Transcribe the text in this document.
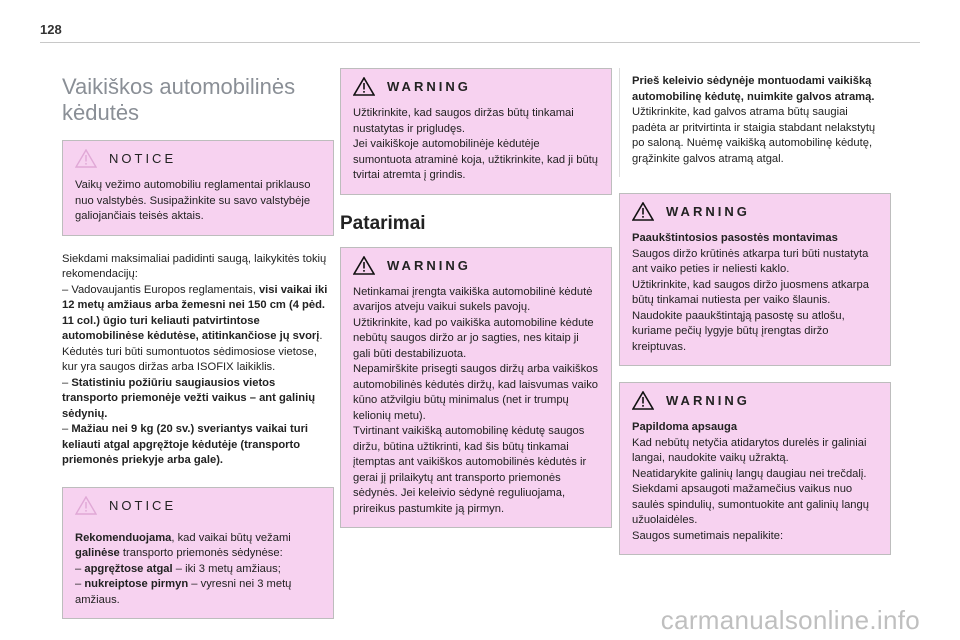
128
Vaikiškos automobilinės kėdutės
NOTICE

Vaikų vežimo automobiliu reglamentai priklauso nuo valstybės. Susipažinkite su savo valstybėje galiojančiais teisės aktais.

Siekdami maksimaliai padidinti saugą, laikykitės tokių rekomendacijų:
– Vadovaujantis Europos reglamentais, visi vaikai iki 12 metų amžiaus arba žemesni nei 150 cm (4 pėd. 11 col.) ūgio turi keliauti patvirtintose automobilinėse kėdutėse, atitinkančiose jų svorį. Kėdutės turi būti sumontuotos sėdimosiose vietose, kur yra saugos diržas arba ISOFIX laikiklis.
– Statistiniu požiūriu saugiausios vietos transporto priemonėje vežti vaikus – ant galinių sėdynių.
– Mažiau nei 9 kg (20 sv.) sveriantys vaikai turi keliauti atgal apgręžtoje kėdutėje (transporto priemonės priekyje arba gale).

NOTICE

Rekomenduojama, kad vaikai būtų vežami galinėse transporto priemonės sėdynėse:

– apgręžtose atgal – iki 3 metų amžiaus;

– nukreiptose pirmyn – vyresni nei 3 metų amžiaus.

WARNING

Užtikrinkite, kad saugos diržas būtų tinkamai nustatytas ir prigludęs.

Jei vaikiškoje automobilinėje kėdutėje sumontuota atraminė koja, užtikrinkite, kad ji būtų tvirtai atremta į grindis.

Patarimai
WARNING

Netinkamai įrengta vaikiška automobilinė kėdutė avarijos atveju vaikui sukels pavojų.

Užtikrinkite, kad po vaikiška automobiline kėdute nebūtų saugos diržo ar jo sagties, nes kitaip ji gali būti destabilizuota.

Nepamirškite prisegti saugos diržų arba vaikiškos automobilinės kėdutės diržų, kad laisvumas vaiko kūno atžvilgiu būtų minimalus (net ir trumpų kelionių metu).

Tvirtinant vaikišką automobilinę kėdutę saugos diržu, būtina užtikrinti, kad šis būtų tinkamai įtemptas ant vaikiškos automobilinės kėdutės ir gerai jį prilaikytų ant transporto priemonės sėdynės. Jei keleivio sėdynė reguliuojama, prireikus pastumkite ją pirmyn.

Prieš keleivio sėdynėje montuodami vaikišką automobilinę kėdutę, nuimkite galvos atramą.

Užtikrinkite, kad galvos atrama būtų saugiai padėta ar pritvirtinta ir staigia stabdant nelakstytų po saloną. Nuėmę vaikišką automobilinę kėdutę, grąžinkite galvos atramą atgal.

WARNING

Paaukštintosios pasostės montavimas

Saugos diržo krūtinės atkarpa turi būti nustatyta ant vaiko peties ir neliesti kaklo.

Užtikrinkite, kad saugos diržo juosmens atkarpa būtų tinkamai nutiesta per vaiko šlaunis.

Naudokite paaukštintąją pasostę su atlošu, kuriame pečių lygyje būtų įrengtas diržo kreiptuvas.

WARNING

Papildoma apsauga

Kad nebūtų netyčia atidarytos durelės ir galiniai langai, naudokite vaikų užraktą.

Neatidarykite galinių langų daugiau nei trečdalį.

Siekdami apsaugoti mažamečius vaikus nuo saulės spindulių, sumontuokite ant galinių langų užuolaidėles.

Saugos sumetimais nepalikite:

carmanualsonline.info
